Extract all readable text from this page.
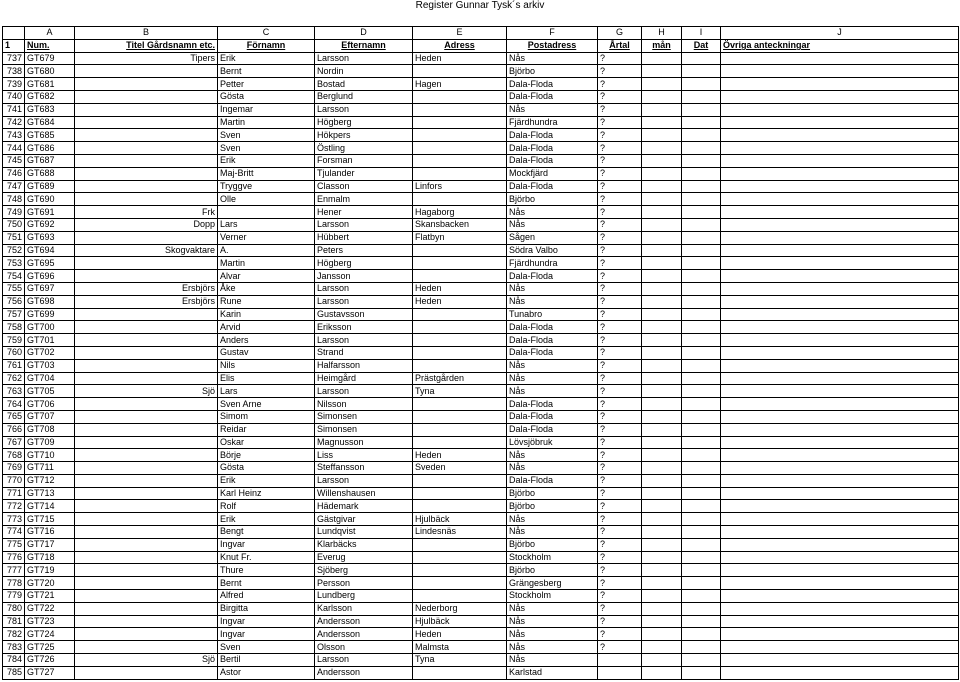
Register Gunnar Tysk´s arkiv
	A	B	C	D	E	F	G	H	I	J
1	Num.	Titel Gårdsnamn etc.	Förnamn	Efternamn	Adress	Postadress	Årtal	mån	Dat	Övriga anteckningar
737	GT679	Tipers	Erik	Larsson	Heden	Nås	?			
738	GT680		Bernt	Nordin		Björbo	?			
739	GT681		Petter	Bostad	Hagen	Dala-Floda	?			
740	GT682		Gösta	Berglund		Dala-Floda	?			
741	GT683		Ingemar	Larsson		Nås	?			
742	GT684		Martin	Högberg		Fjärdhundra	?			
743	GT685		Sven	Hökpers		Dala-Floda	?			
744	GT686		Sven	Östling		Dala-Floda	?			
745	GT687		Erik	Forsman		Dala-Floda	?			
746	GT688		Maj-Britt	Tjulander		Mockfjärd	?			
747	GT689		Tryggve	Classon	Linfors	Dala-Floda	?			
748	GT690		Olle	Enmalm		Björbo	?			
749	GT691	Frk		Hener	Hagaborg	Nås	?			
750	GT692	Dopp	Lars	Larsson	Skansbacken	Nås	?			
751	GT693		Verner	Hübbert	Flatbyn	Sågen	?			
752	GT694	Skogvaktare	A.	Peters		Södra Valbo	?			
753	GT695		Martin	Högberg		Fjärdhundra	?			
754	GT696		Alvar	Jansson		Dala-Floda	?			
755	GT697	Ersbjörs	Åke	Larsson	Heden	Nås	?			
756	GT698	Ersbjörs	Rune	Larsson	Heden	Nås	?			
757	GT699		Karin	Gustavsson		Tunabro	?			
758	GT700		Arvid	Eriksson		Dala-Floda	?			
759	GT701		Anders	Larsson		Dala-Floda	?			
760	GT702		Gustav	Strand		Dala-Floda	?			
761	GT703		Nils	Halfarsson		Nås	?			
762	GT704		Elis	Heimgård	Prästgården	Nås	?			
763	GT705	Sjö	Lars	Larsson	Tyna	Nås	?			
764	GT706		Sven Arne	Nilsson		Dala-Floda	?			
765	GT707		Simom	Simonsen		Dala-Floda	?			
766	GT708		Reidar	Simonsen		Dala-Floda	?			
767	GT709		Oskar	Magnusson		Lövsjöbruk	?			
768	GT710		Börje	Liss	Heden	Nås	?			
769	GT711		Gösta	Steffansson	Sveden	Nås	?			
770	GT712		Erik	Larsson		Dala-Floda	?			
771	GT713		Karl Heinz	Willenshausen		Björbo	?			
772	GT714		Rolf	Hädemark		Björbo	?			
773	GT715		Erik	Gästgivar	Hjulbäck	Nås	?			
774	GT716		Bengt	Lundqvist	Lindesnäs	Nås	?			
775	GT717		Ingvar	Klarbäcks		Björbo	?			
776	GT718		Knut Fr.	Everug		Stockholm	?			
777	GT719		Thure	Sjöberg		Björbo	?			
778	GT720		Bernt	Persson		Grängesberg	?			
779	GT721		Alfred	Lundberg		Stockholm	?			
780	GT722		Birgitta	Karlsson	Nederborg	Nås	?			
781	GT723		Ingvar	Andersson	Hjulbäck	Nås	?			
782	GT724		Ingvar	Andersson	Heden	Nås	?			
783	GT725		Sven	Olsson	Malmsta	Nås	?			
784	GT726	Sjö	Bertil	Larsson	Tyna	Nås				
785	GT727		Astor	Andersson		Karlstad				
